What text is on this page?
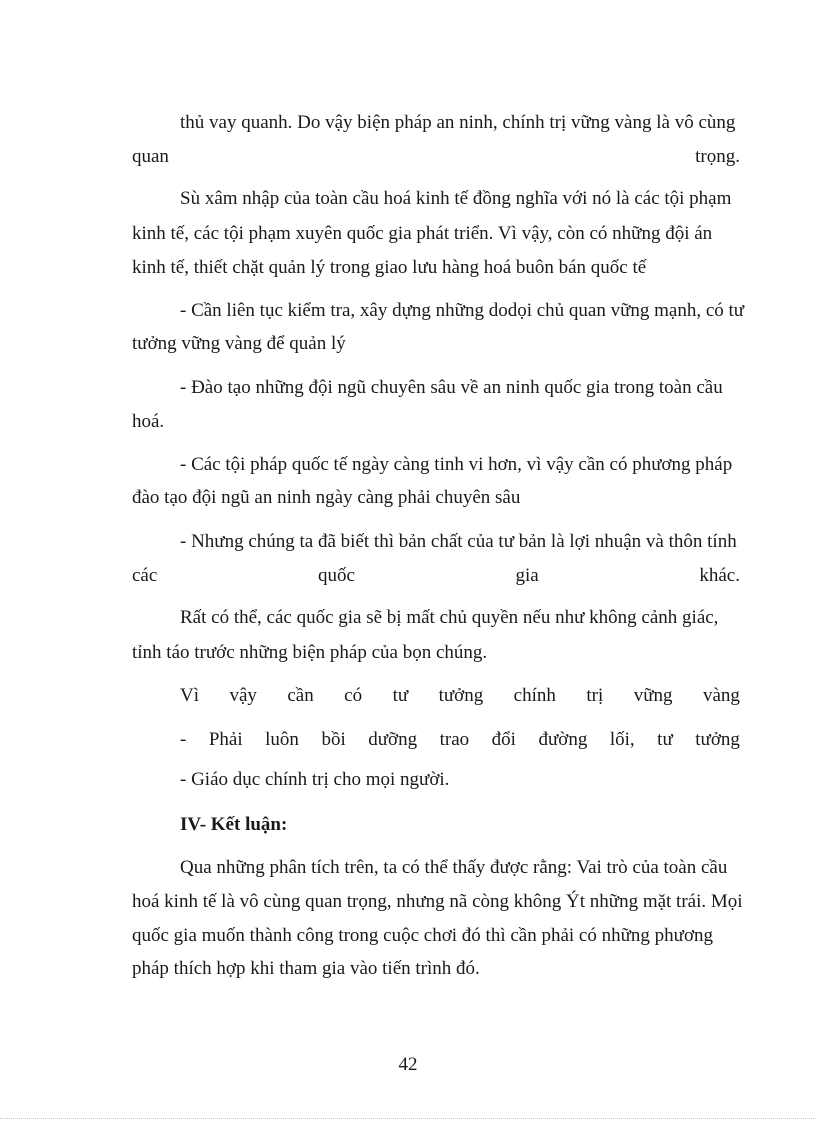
thủ vay quanh. Do vậy biện pháp an ninh, chính trị vững vàng là vô cùng
quan	trọng.
Sù xâm nhập của toàn cầu hoá kinh tế đồng nghĩa với nó là các tội phạm
kinh tế, các tội phạm xuyên quốc gia phát triển. Vì vậy, còn có những đội án
kinh tế, thiết chặt quản lý trong giao lưu hàng hoá buôn bán quốc tế
- Cần liên tục kiểm tra, xây dựng những dodọi chủ quan vững mạnh, có tư
tưởng vững vàng để quản lý
- Đào tạo những đội ngũ chuyên sâu về an ninh quốc gia trong toàn cầu
hoá.
- Các tội pháp quốc tế ngày càng tinh vi hơn, vì vậy cần có phương pháp
đào tạo đội ngũ an ninh ngày càng phải chuyên sâu
- Nhưng chúng ta đã biết thì bản chất của tư bản là lợi nhuận và thôn tính
các	quốc	gia	khác.
Rất có thể, các quốc gia sẽ bị mất chủ quyền nếu như không cảnh giác,
tỉnh táo trước những biện pháp của bọn chúng.
Vì vậy cần có tư tưởng chính trị vững vàng
- Phải luôn bồi dưỡng trao đổi đường lối, tư tưởng
- Giáo dục chính trị cho mọi người.
IV- Kết luận:
Qua những phân tích trên, ta có thể thấy được rằng: Vai trò của toàn cầu
hoá kinh tế là vô cùng quan trọng, nhưng nã còng không Ýt những mặt trái. Mọi
quốc gia muốn thành công trong cuộc chơi đó thì cần phải có những phương
pháp thích hợp khi tham gia vào tiến trình đó.
42
